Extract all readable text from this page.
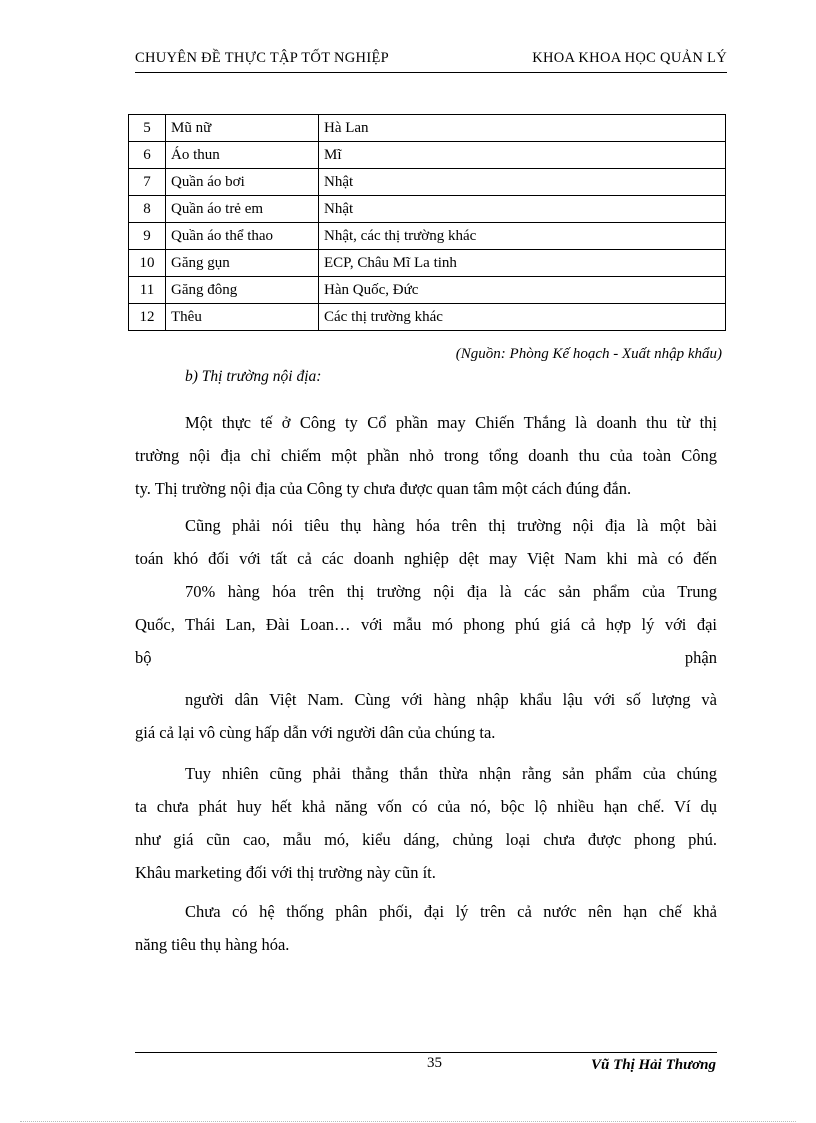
CHUYÊN ĐỀ THỰC TẬP TỐT NGHIỆP	KHOA KHOA HỌC QUẢN LÝ
5	Mũ nữ	Hà Lan
6	Áo thun	Mĩ
7	Quần áo bơi	Nhật
8	Quần áo trẻ em	Nhật
9	Quần áo thể thao	Nhật, các thị trường khác
10	Găng gụn	ECP, Châu Mĩ La tinh
11	Găng đông	Hàn Quốc, Đức
12	Thêu	Các thị trường khác
(Nguồn: Phòng Kế hoạch - Xuất nhập khẩu)
b) Thị trường nội địa:
Một thực tế ở Công ty Cổ phần may Chiến Thắng là doanh thu từ thị
trường nội địa chỉ chiếm một phần nhỏ trong tổng doanh thu của toàn Công
ty. Thị trường nội địa của Công ty chưa được quan tâm một cách đúng đắn.
Cũng phải nói tiêu thụ hàng hóa trên thị trường nội địa là một bài
toán khó đối với tất cả các doanh nghiệp dệt may Việt Nam khi mà có đến
70% hàng hóa trên thị trường nội địa là các sản phẩm của Trung
Quốc, Thái Lan, Đài Loan… với mẫu mó phong phú giá cả hợp lý với đại
bộ	phận
người dân Việt Nam. Cùng với hàng nhập khẩu lậu với số lượng và
giá cả lại vô cùng hấp dẫn với người dân của chúng ta.
Tuy nhiên cũng phải thẳng thắn thừa nhận rằng sản phẩm của chúng
ta chưa phát huy hết khả năng vốn có của nó, bộc lộ nhiều hạn chế. Ví dụ
như giá cũn cao, mẫu mó, kiểu dáng, chủng loại chưa được phong phú.
Khâu marketing đối với thị trường này cũn ít.
Chưa có hệ thống phân phối, đại lý trên cả nước nên hạn chế khả
năng tiêu thụ hàng hóa.
35	Vũ Thị Hải Thương
